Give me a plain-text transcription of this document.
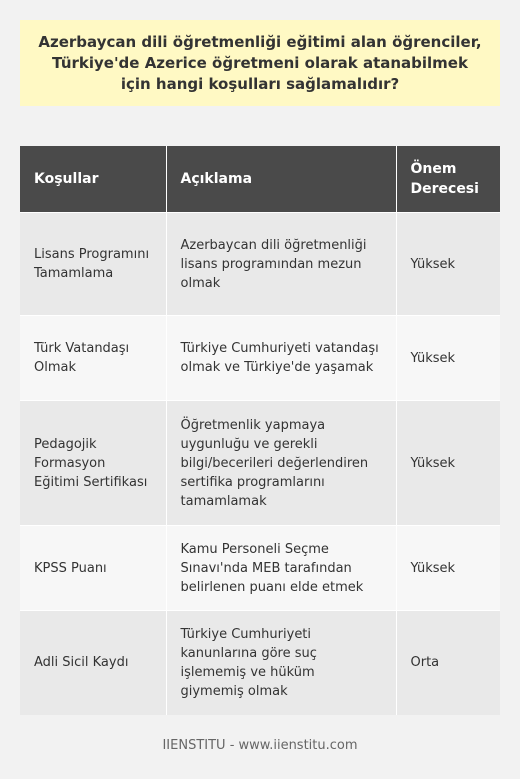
Azerbaycan dili öğretmenliği eğitimi alan öğrenciler, Türkiye'de Azerice öğretmeni olarak atanabilmek için hangi koşulları sağlamalıdır?

Koşullar	Açıklama	Önem Derecesi
Lisans Programını Tamamlama	Azerbaycan dili öğretmenliği lisans programından mezun olmak	Yüksek
Türk Vatandaşı Olmak	Türkiye Cumhuriyeti vatandaşı olmak ve Türkiye'de yaşamak	Yüksek
Pedagojik Formasyon Eğitimi Sertifikası	Öğretmenlik yapmaya uygunluğu ve gerekli bilgi/becerileri değerlendiren sertifika programlarını tamamlamak	Yüksek
KPSS Puanı	Kamu Personeli Seçme Sınavı'nda MEB tarafından belirlenen puanı elde etmek	Yüksek
Adli Sicil Kaydı	Türkiye Cumhuriyeti kanunlarına göre suç işlememiş ve hüküm giymemiş olmak	Orta
IIENSTITU - www.iienstitu.com
